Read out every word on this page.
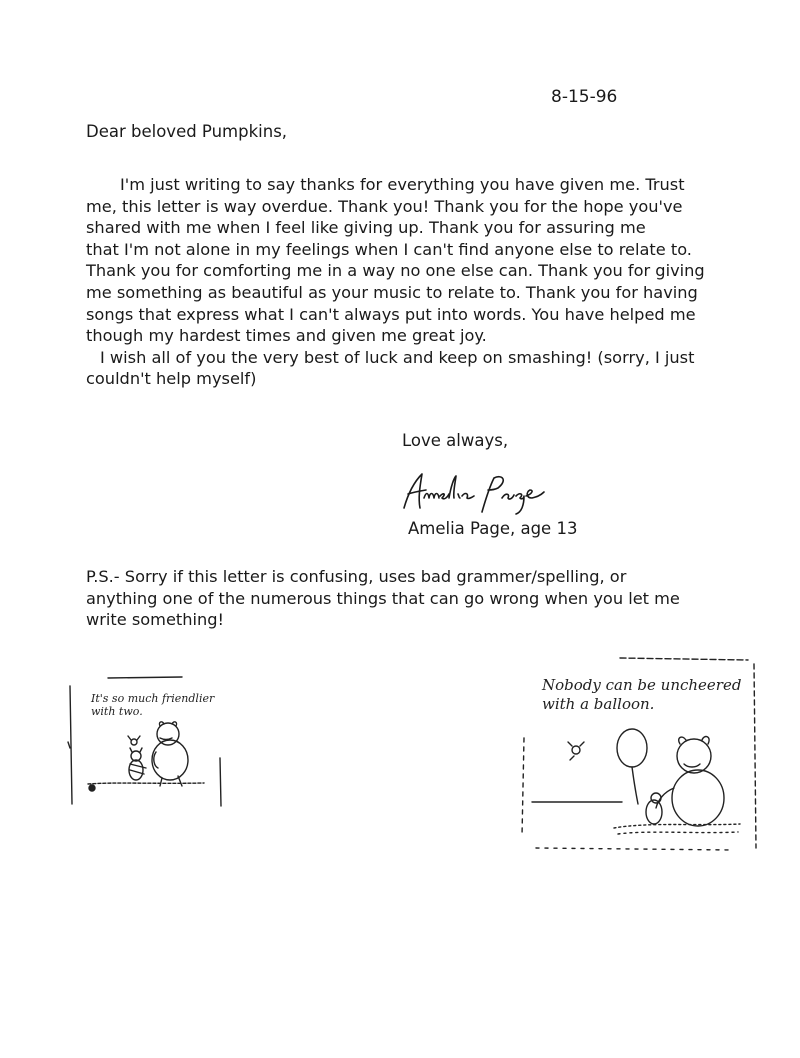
8-15-96
Dear beloved Pumpkins,
I'm just writing to say thanks for everything you have given me. Trust
me, this letter is way overdue. Thank you! Thank you for the hope you've
shared with me when I feel like giving up. Thank you for assuring me
that I'm not alone in my feelings when I can't find anyone else to relate to.
Thank you for comforting me in a way no one else can. Thank you for giving
me something as beautiful as your music to relate to. Thank you for having
songs that express what I can't always put into words. You have helped me
though my hardest times and given me great joy.
I wish all of you the very best of luck and keep on smashing! (sorry, I just
couldn't help myself)
Love always,
Amelia Page, age 13
P.S.- Sorry if this letter is confusing, uses bad grammer/spelling, or
anything one of the numerous things that can go wrong when you let me
write something!
It's so much friendlier
with two.
Nobody can be uncheered
with a balloon.
